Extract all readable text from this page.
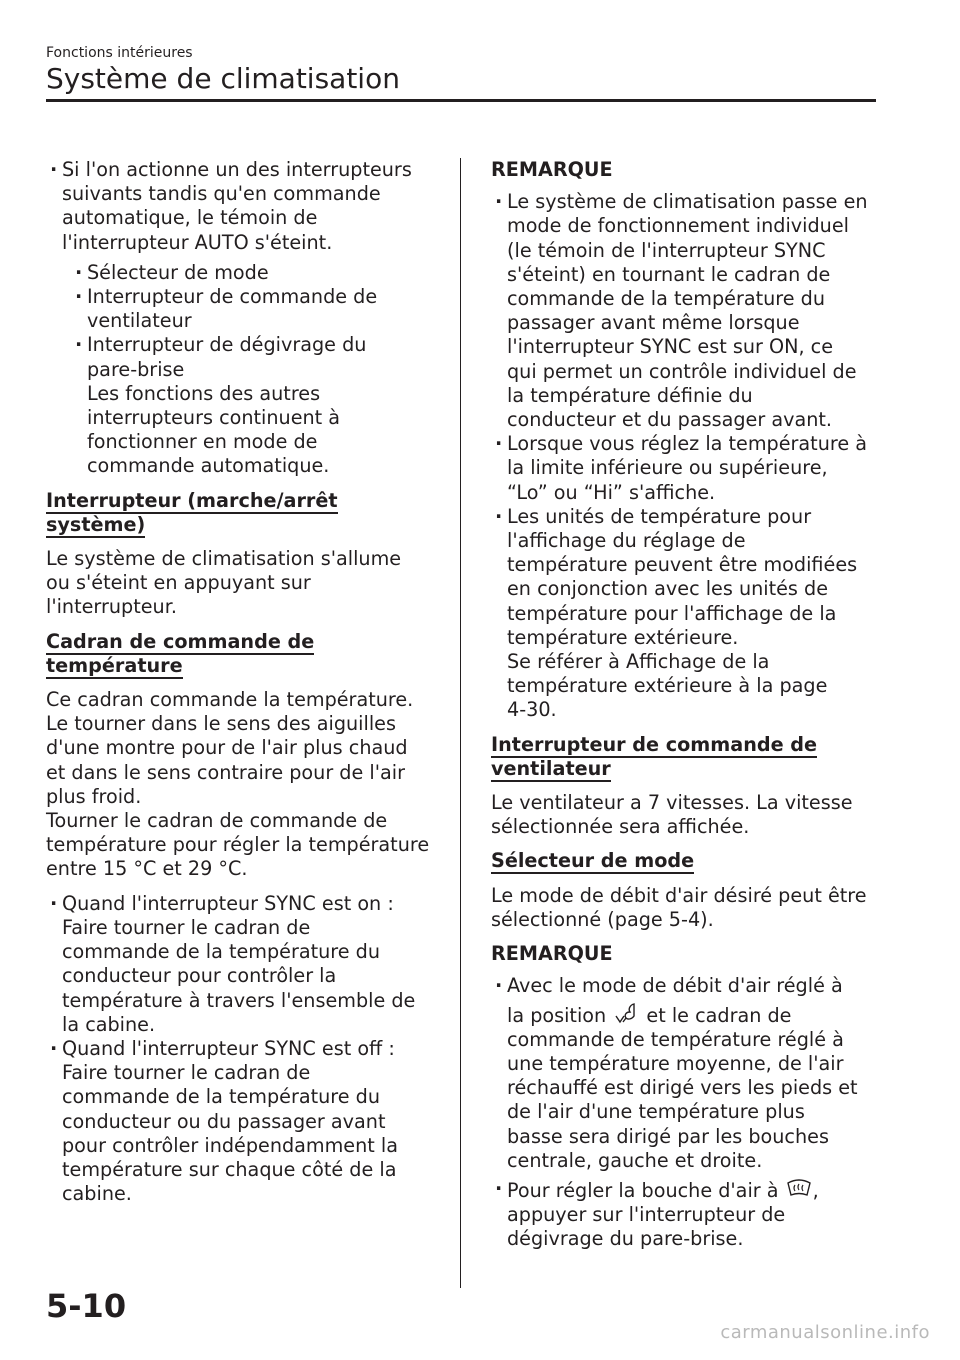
Fonctions intérieures
Système de climatisation
· Si l'on actionne un des interrupteurs
suivants tandis qu'en commande
automatique, le témoin de
l'interrupteur AUTO s'éteint.
· Sélecteur de mode
· Interrupteur de commande de
ventilateur
· Interrupteur de dégivrage du
pare-brise
Les fonctions des autres
interrupteurs continuent à
fonctionner en mode de
commande automatique.
Interrupteur (marche/arrêt système)
Le système de climatisation s'allume
ou s'éteint en appuyant sur
l'interrupteur.
Cadran de commande de température
Ce cadran commande la température.
Le tourner dans le sens des aiguilles
d'une montre pour de l'air plus chaud
et dans le sens contraire pour de l'air
plus froid.
Tourner le cadran de commande de
température pour régler la température
entre 15 °C et 29 °C.
· Quand l'interrupteur SYNC est on :
Faire tourner le cadran de
commande de la température du
conducteur pour contrôler la
température à travers l'ensemble de
la cabine.
· Quand l'interrupteur SYNC est off :
Faire tourner le cadran de
commande de la température du
conducteur ou du passager avant
pour contrôler indépendamment la
température sur chaque côté de la
cabine.
REMARQUE
· Le système de climatisation passe en
mode de fonctionnement individuel
(le témoin de l'interrupteur SYNC
s'éteint) en tournant le cadran de
commande de la température du
passager avant même lorsque
l'interrupteur SYNC est sur ON, ce
qui permet un contrôle individuel de
la température définie du
conducteur et du passager avant.
· Lorsque vous réglez la température à
la limite inférieure ou supérieure,
“Lo” ou “Hi” s'affiche.
· Les unités de température pour
l'affichage du réglage de
température peuvent être modifiées
en conjonction avec les unités de
température pour l'affichage de la
température extérieure.
Se référer à Affichage de la
température extérieure à la page
4-30.
Interrupteur de commande de
ventilateur
Le ventilateur a 7 vitesses. La vitesse
sélectionnée sera affichée.
Sélecteur de mode
Le mode de débit d'air désiré peut être
sélectionné (page 5-4).
REMARQUE
· Avec le mode de débit d'air réglé à
la position et le cadran de
commande de température réglé à
une température moyenne, de l'air
réchauffé est dirigé vers les pieds et
de l'air d'une température plus
basse sera dirigé par les bouches
centrale, gauche et droite.
· Pour régler la bouche d'air à ,
appuyer sur l'interrupteur de
dégivrage du pare-brise.
5-10
carmanualsonline.info
